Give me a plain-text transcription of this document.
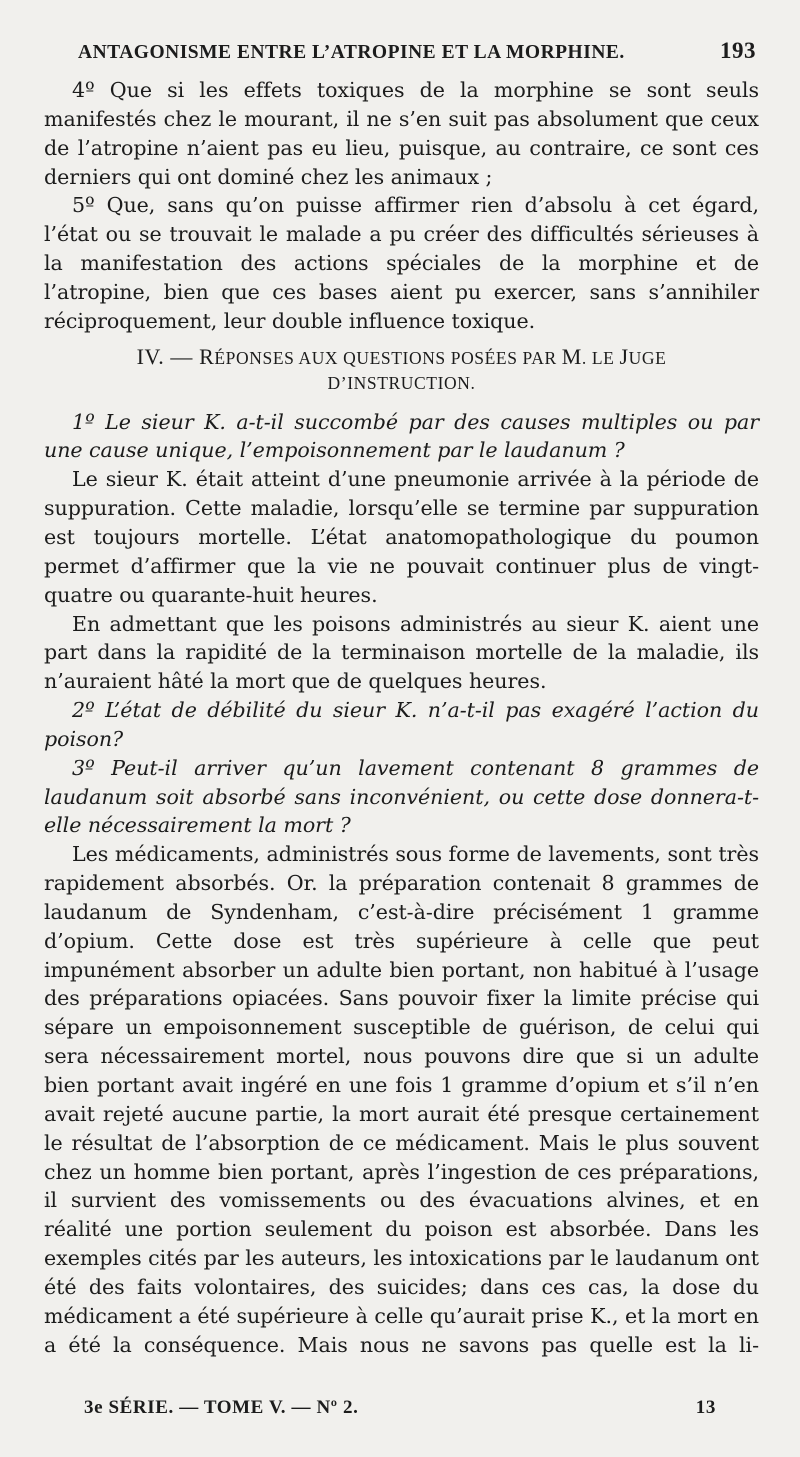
ANTAGONISME ENTRE L’ATROPINE ET LA MORPHINE.	193

4º Que si les effets toxiques de la morphine se sont seuls manifestés chez le mourant, il ne s’en suit pas absolument que ceux de l’atropine n’aient pas eu lieu, puisque, au contraire, ce sont ces derniers qui ont dominé chez les animaux ;

5º Que, sans qu’on puisse affirmer rien d’absolu à cet égard, l’état ou se trouvait le malade a pu créer des difficultés sérieuses à la manifestation des actions spéciales de la morphine et de l’atropine, bien que ces bases aient pu exercer, sans s’annihiler réciproquement, leur double influence toxique.

IV. — RÉPONSES AUX QUESTIONS POSÉES PAR M. LE JUGE
D’INSTRUCTION.

1º Le sieur K. a-t-il succombé par des causes multiples ou par une cause unique, l’empoisonnement par le laudanum ?

Le sieur K. était atteint d’une pneumonie arrivée à la période de suppuration. Cette maladie, lorsqu’elle se termine par suppuration est toujours mortelle. L’état anatomopathologique du poumon permet d’affirmer que la vie ne pouvait continuer plus de vingt-quatre ou quarante-huit heures.

En admettant que les poisons administrés au sieur K. aient une part dans la rapidité de la terminaison mortelle de la maladie, ils n’auraient hâté la mort que de quelques heures.

2º L’état de débilité du sieur K. n’a-t-il pas exagéré l’action du poison?

3º Peut-il arriver qu’un lavement contenant 8 grammes de laudanum soit absorbé sans inconvénient, ou cette dose donnera-t-elle nécessairement la mort ?

Les médicaments, administrés sous forme de lavements, sont très rapidement absorbés. Or. la préparation contenait 8 grammes de laudanum de Syndenham, c’est-à-dire précisément 1 gramme d’opium. Cette dose est très supérieure à celle que peut impunément absorber un adulte bien portant, non habitué à l’usage des préparations opiacées. Sans pouvoir fixer la limite précise qui sépare un empoisonnement susceptible de guérison, de celui qui sera nécessairement mortel, nous pouvons dire que si un adulte bien portant avait ingéré en une fois 1 gramme d’opium et s’il n’en avait rejeté aucune partie, la mort aurait été presque certainement le résultat de l’absorption de ce médicament. Mais le plus souvent chez un homme bien portant, après l’ingestion de ces préparations, il survient des vomissements ou des évacuations alvines, et en réalité une portion seulement du poison est absorbée. Dans les exemples cités par les auteurs, les intoxications par le laudanum ont été des faits volontaires, des suicides; dans ces cas, la dose du médicament a été supérieure à celle qu’aurait prise K., et la mort en a été la conséquence. Mais nous ne savons pas quelle est la li-

3e SÉRIE. — TOME V. — Nº 2.	13
